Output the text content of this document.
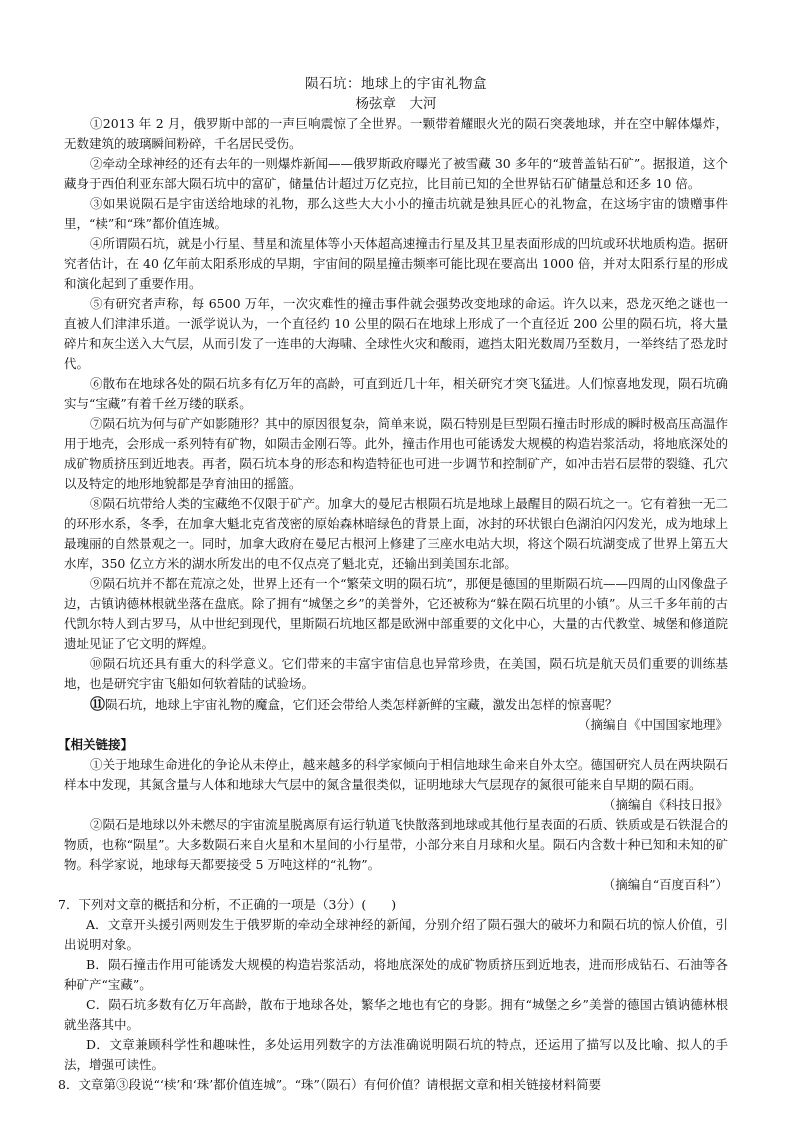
陨石坑：地球上的宇宙礼物盒
杨弦章　大河

①2013 年 2 月，俄罗斯中部的一声巨响震惊了全世界。一颗带着耀眼火光的陨石突袭地球，并在空中解体爆炸，无数建筑的玻璃瞬间粉碎，千名居民受伤。

②牵动全球神经的还有去年的一则爆炸新闻——俄罗斯政府曝光了被雪藏 30 多年的“玻普盖钻石矿”。据报道，这个藏身于西伯利亚东部大陨石坑中的富矿，储量估计超过万亿克拉，比目前已知的全世界钻石矿储量总和还多 10 倍。

③如果说陨石是宇宙送给地球的礼物，那么这些大大小小的撞击坑就是独具匠心的礼物盒，在这场宇宙的馈赠事件里，“椟”和“珠”都价值连城。

④所谓陨石坑，就是小行星、彗星和流星体等小天体超高速撞击行星及其卫星表面形成的凹坑或环状地质构造。据研究者估计，在 40 亿年前太阳系形成的早期，宇宙间的陨星撞击频率可能比现在要高出 1000 倍，并对太阳系行星的形成和演化起到了重要作用。

⑤有研究者声称，每 6500 万年，一次灾难性的撞击事件就会强势改变地球的命运。许久以来，恐龙灭绝之谜也一直被人们津津乐道。一派学说认为，一个直径约 10 公里的陨石在地球上形成了一个直径近 200 公里的陨石坑，将大量碎片和灰尘送入大气层，从而引发了一连串的大海啸、全球性火灾和酸雨，遮挡太阳光数周乃至数月，一举终结了恐龙时代。

⑥散布在地球各处的陨石坑多有亿万年的高龄，可直到近几十年，相关研究才突飞猛进。人们惊喜地发现，陨石坑确实与“宝藏”有着千丝万缕的联系。

⑦陨石坑为何与矿产如影随形？其中的原因很复杂，简单来说，陨石特别是巨型陨石撞击时形成的瞬时极高压高温作用于地壳，会形成一系列特有矿物，如陨击金刚石等。此外，撞击作用也可能诱发大规模的构造岩浆活动，将地底深处的成矿物质挤压到近地表。再者，陨石坑本身的形态和构造特征也可进一步调节和控制矿产，如冲击岩石层带的裂缝、孔穴以及特定的地形地貌都是孕育油田的摇篮。

⑧陨石坑带给人类的宝藏绝不仅限于矿产。加拿大的曼尼古根陨石坑是地球上最醒目的陨石坑之一。它有着独一无二的环形水系，冬季，在加拿大魁北克省茂密的原始森林暗绿色的背景上面，冰封的环状银白色湖泊闪闪发光，成为地球上最瑰丽的自然景观之一。同时，加拿大政府在曼尼古根河上修建了三座水电站大坝，将这个陨石坑湖变成了世界上第五大水库，350 亿立方米的湖水所发出的电不仅点亮了魁北克，还输出到美国东北部。

⑨陨石坑并不都在荒凉之处，世界上还有一个“繁荣文明的陨石坑”，那便是德国的里斯陨石坑——四周的山冈像盘子边，古镇讷德林根就坐落在盘底。除了拥有“城堡之乡”的美誉外，它还被称为“躲在陨石坑里的小镇”。从三千多年前的古代凯尔特人到古罗马，从中世纪到现代，里斯陨石坑地区都是欧洲中部重要的文化中心，大量的古代教堂、城堡和修道院遗址见证了它文明的辉煌。

⑩陨石坑还具有重大的科学意义。它们带来的丰富宇宙信息也异常珍贵，在美国，陨石坑是航天员们重要的训练基地，也是研究宇宙飞船如何软着陆的试验场。

⑪陨石坑，地球上宇宙礼物的魔盒，它们还会带给人类怎样新鲜的宝藏，激发出怎样的惊喜呢？

（摘编自《中国国家地理》
【相关链接】

①关于地球生命进化的争论从未停止，越来越多的科学家倾向于相信地球生命来自外太空。德国研究人员在两块陨石样本中发现，其氮含量与人体和地球大气层中的氮含量很类似，证明地球大气层现存的氮很可能来自早期的陨石雨。

（摘编自《科技日报》

②陨石是地球以外未燃尽的宇宙流星脱离原有运行轨道飞快散落到地球或其他行星表面的石质、铁质或是石铁混合的物质，也称“陨星”。大多数陨石来自火星和木星间的小行星带，小部分来自月球和火星。陨石内含数十种已知和未知的矿物。科学家说，地球每天都要接受 5 万吨这样的“礼物”。

（摘编自“百度百科”）

7．下列对文章的概括和分析，不正确的一项是（3分）(　　)

A．文章开头援引两则发生于俄罗斯的牵动全球神经的新闻，分别介绍了陨石强大的破坏力和陨石坑的惊人价值，引出说明对象。

B．陨石撞击作用可能诱发大规模的构造岩浆活动，将地底深处的成矿物质挤压到近地表，进而形成钻石、石油等各种矿产“宝藏”。

C．陨石坑多数有亿万年高龄，散布于地球各处，繁华之地也有它的身影。拥有“城堡之乡”美誉的德国古镇讷德林根就坐落其中。

D．文章兼顾科学性和趣味性，多处运用列数字的方法准确说明陨石坑的特点，还运用了描写以及比喻、拟人的手法，增强可读性。

8．文章第③段说“‘椟’和‘珠’都价值连城”。“珠”（陨石）有何价值？请根据文章和相关链接材料简要
